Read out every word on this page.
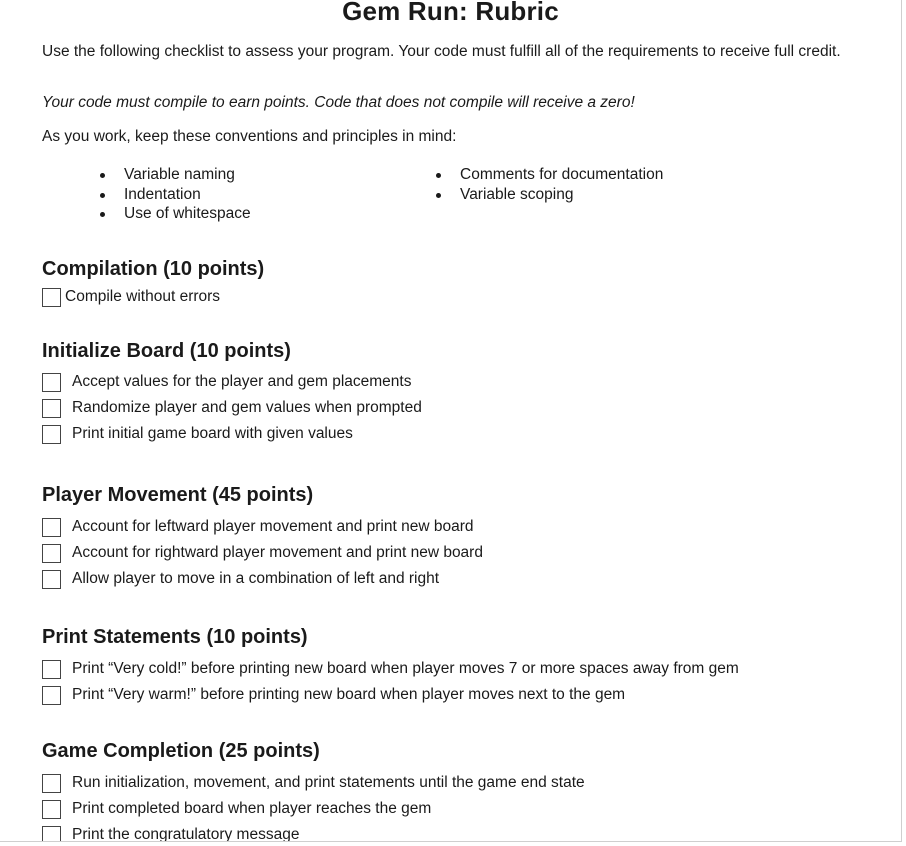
Gem Run: Rubric
Use the following checklist to assess your program. Your code must fulfill all of the requirements to receive full credit.
Your code must compile to earn points. Code that does not compile will receive a zero!
As you work, keep these conventions and principles in mind:
Variable naming
Indentation
Use of whitespace
Comments for documentation
Variable scoping
Compilation (10 points)
Compile without errors
Initialize Board (10 points)
Accept values for the player and gem placements
Randomize player and gem values when prompted
Print initial game board with given values
Player Movement (45 points)
Account for leftward player movement and print new board
Account for rightward player movement and print new board
Allow player to move in a combination of left and right
Print Statements (10 points)
Print “Very cold!” before printing new board when player moves 7 or more spaces away from gem
Print “Very warm!” before printing new board when player moves next to the gem
Game Completion (25 points)
Run initialization, movement, and print statements until the game end state
Print completed board when player reaches the gem
Print the congratulatory message
